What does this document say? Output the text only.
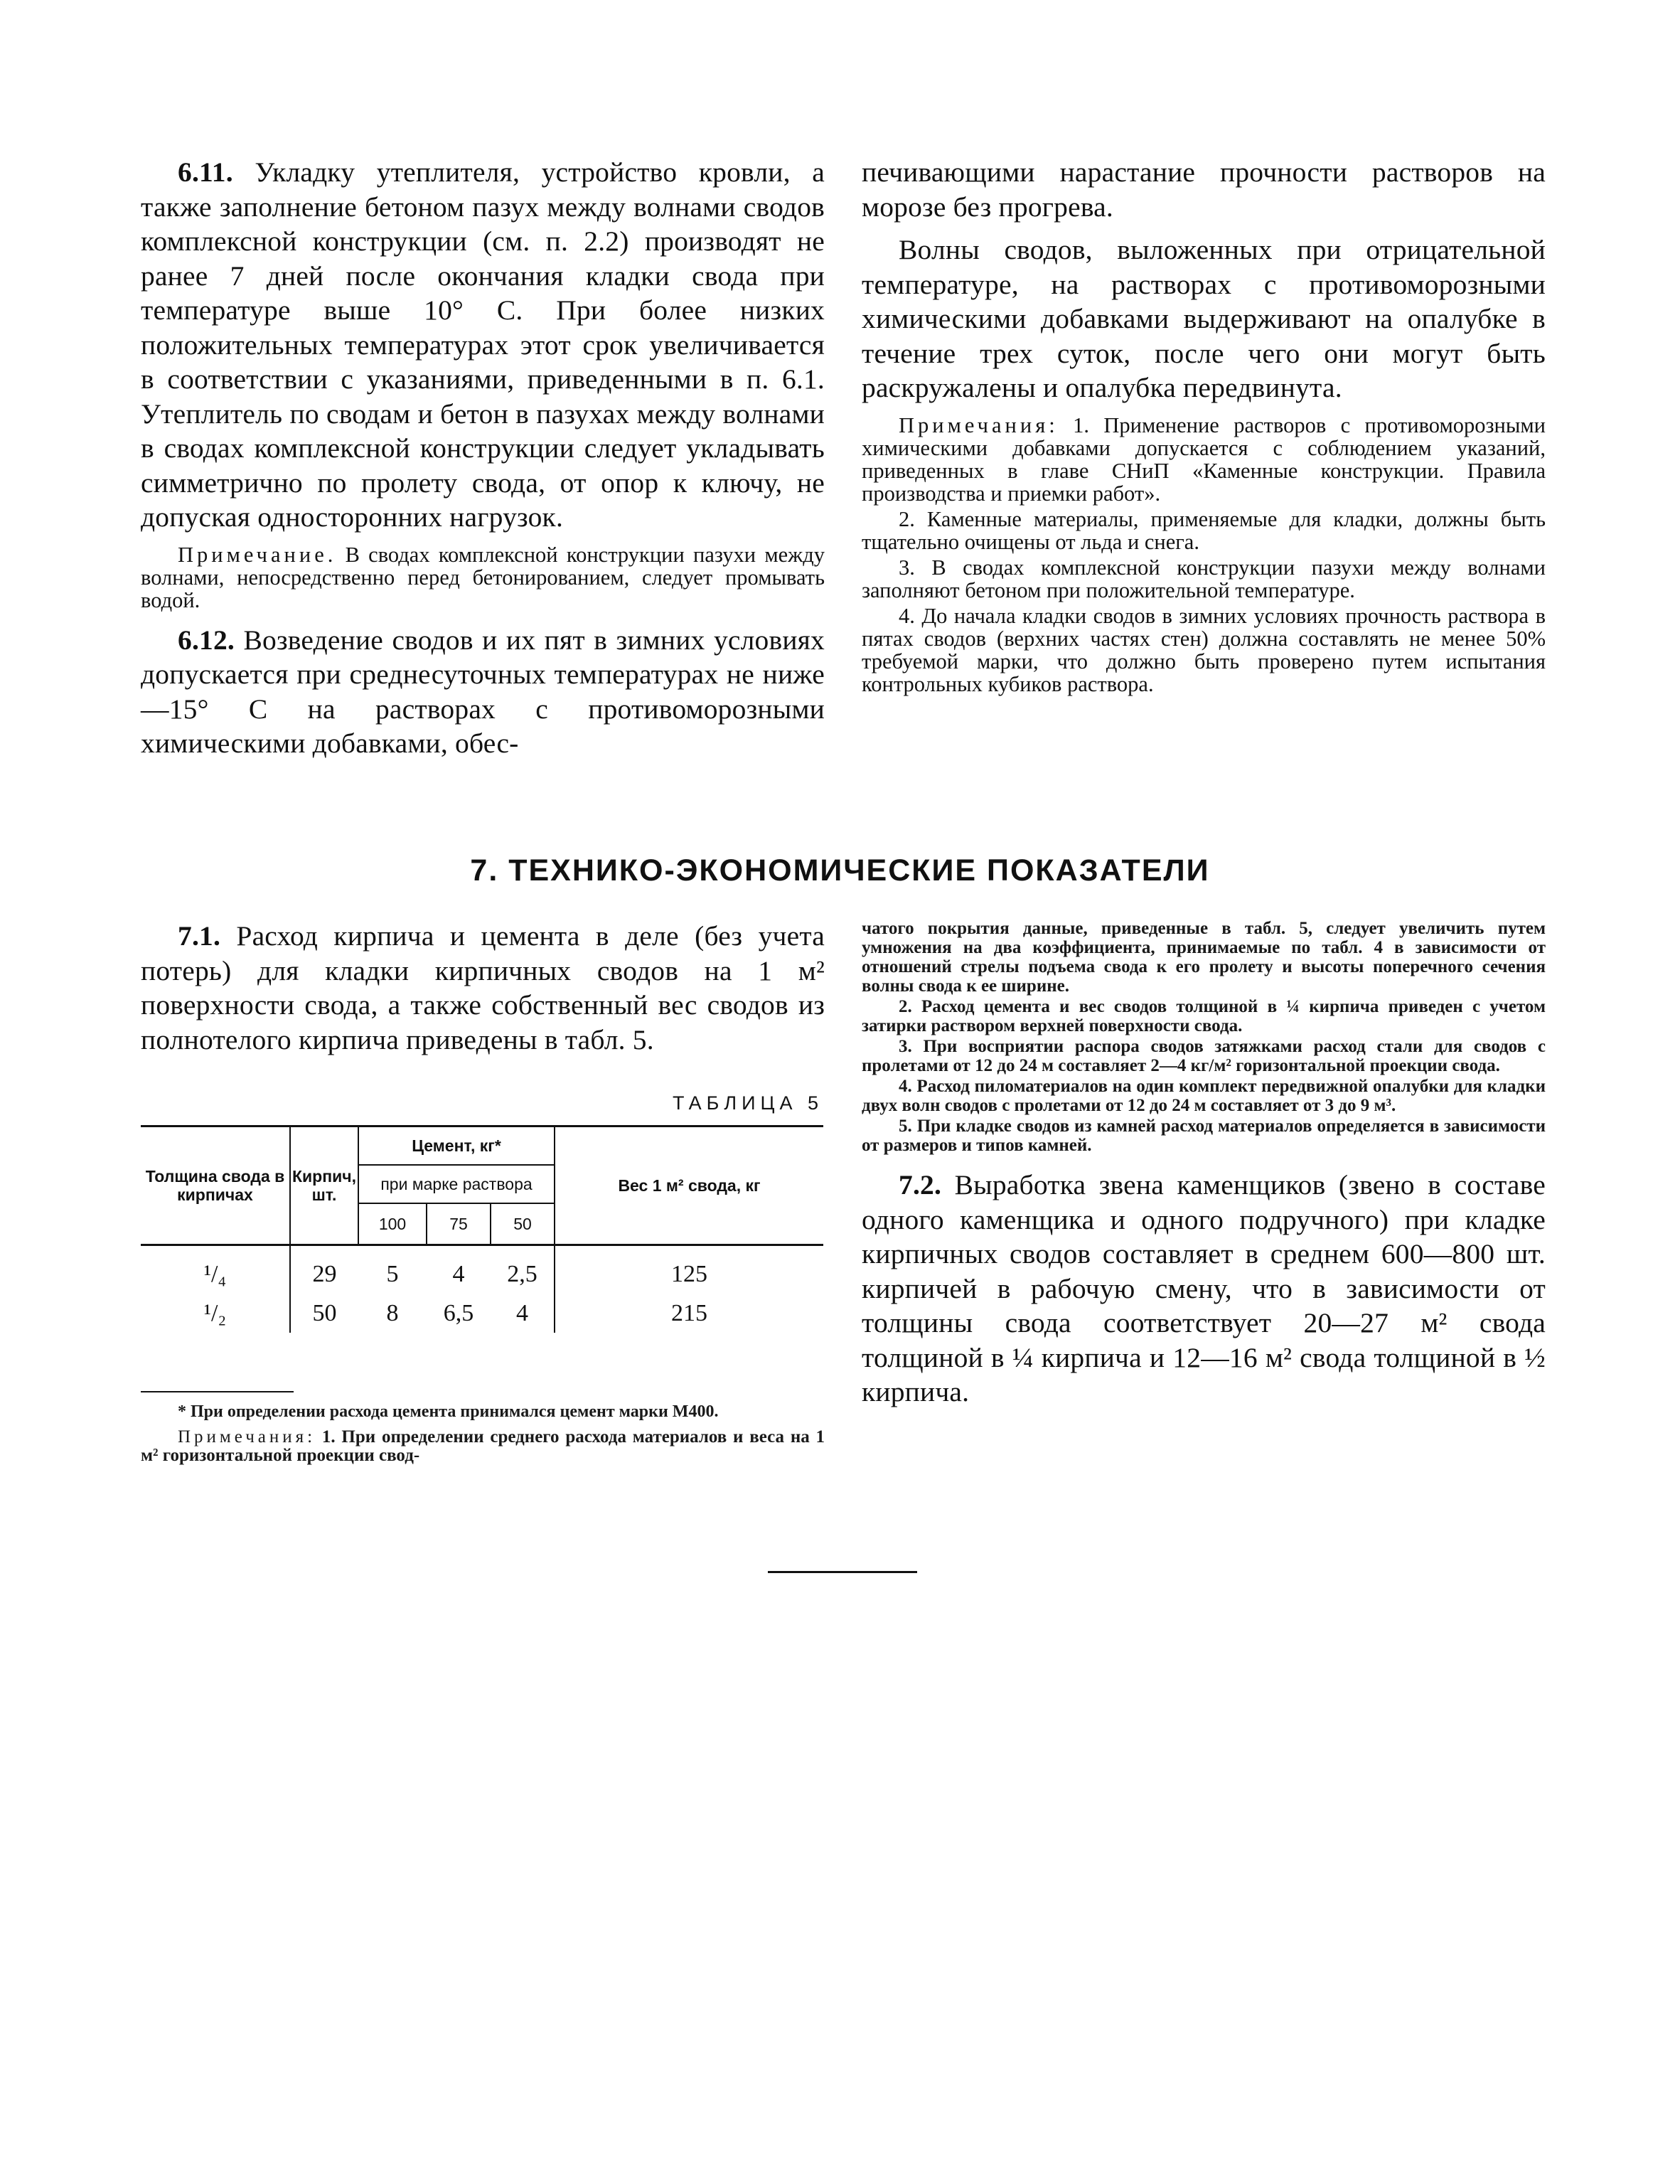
6.11. Укладку утеплителя, устройство кровли, а также заполнение бетоном пазух между волнами сводов комплексной конструкции (см. п. 2.2) производят не ранее 7 дней после окончания кладки свода при температуре выше 10° С. При более низких положительных температурах этот срок увеличивается в соответствии с указаниями, приведенными в п. 6.1. Утеплитель по сводам и бетон в пазухах между волнами в сводах комплексной конструкции следует укладывать симметрично по пролету свода, от опор к ключу, не допуская односторонних нагрузок.

Примечание. В сводах комплексной конструкции пазухи между волнами, непосредственно перед бетонированием, следует промывать водой.

6.12. Возведение сводов и их пят в зимних условиях допускается при среднесуточных температурах не ниже —15° С на растворах с противоморозными химическими добавками, обес-

печивающими нарастание прочности растворов на морозе без прогрева.

Волны сводов, выложенных при отрицательной температуре, на растворах с противоморозными химическими добавками выдерживают на опалубке в течение трех суток, после чего они могут быть раскружалены и опалубка передвинута.

Примечания: 1. Применение растворов с противоморозными химическими добавками допускается с соблюдением указаний, приведенных в главе СНиП «Каменные конструкции. Правила производства и приемки работ».

2. Каменные материалы, применяемые для кладки, должны быть тщательно очищены от льда и снега.

3. В сводах комплексной конструкции пазухи между волнами заполняют бетоном при положительной температуре.

4. До начала кладки сводов в зимних условиях прочность раствора в пятах сводов (верхних частях стен) должна составлять не менее 50% требуемой марки, что должно быть проверено путем испытания контрольных кубиков раствора.

7. ТЕХНИКО-ЭКОНОМИЧЕСКИЕ ПОКАЗАТЕЛИ

7.1. Расход кирпича и цемента в деле (без учета потерь) для кладки кирпичных сводов на 1 м² поверхности свода, а также собственный вес сводов из полнотелого кирпича приведены в табл. 5.

ТАБЛИЦА 5

Толщина свода в кирпичах	Кирпич, шт.	Цемент, кг*			Вес 1 м² свода, кг
		при марке раствора			
		100	75	50	
¹/₄	29	5	4	2,5	125
¹/₂	50	8	6,5	4	215

* При определении расхода цемента принимался цемент марки М400.

Примечания: 1. При определении среднего расхода материалов и веса на 1 м² горизонтальной проекции свод-

чатого покрытия данные, приведенные в табл. 5, следует увеличить путем умножения на два коэффициента, принимаемые по табл. 4 в зависимости от отношений стрелы подъема свода к его пролету и высоты поперечного сечения волны свода к ее ширине.

2. Расход цемента и вес сводов толщиной в ¼ кирпича приведен с учетом затирки раствором верхней поверхности свода.

3. При восприятии распора сводов затяжками расход стали для сводов с пролетами от 12 до 24 м составляет 2—4 кг/м² горизонтальной проекции свода.

4. Расход пиломатериалов на один комплект передвижной опалубки для кладки двух волн сводов с пролетами от 12 до 24 м составляет от 3 до 9 м³.

5. При кладке сводов из камней расход материалов определяется в зависимости от размеров и типов камней.

7.2. Выработка звена каменщиков (звено в составе одного каменщика и одного подручного) при кладке кирпичных сводов составляет в среднем 600—800 шт. кирпичей в рабочую смену, что в зависимости от толщины свода соответствует 20—27 м² свода толщиной в ¼ кирпича и 12—16 м² свода толщиной в ½ кирпича.
